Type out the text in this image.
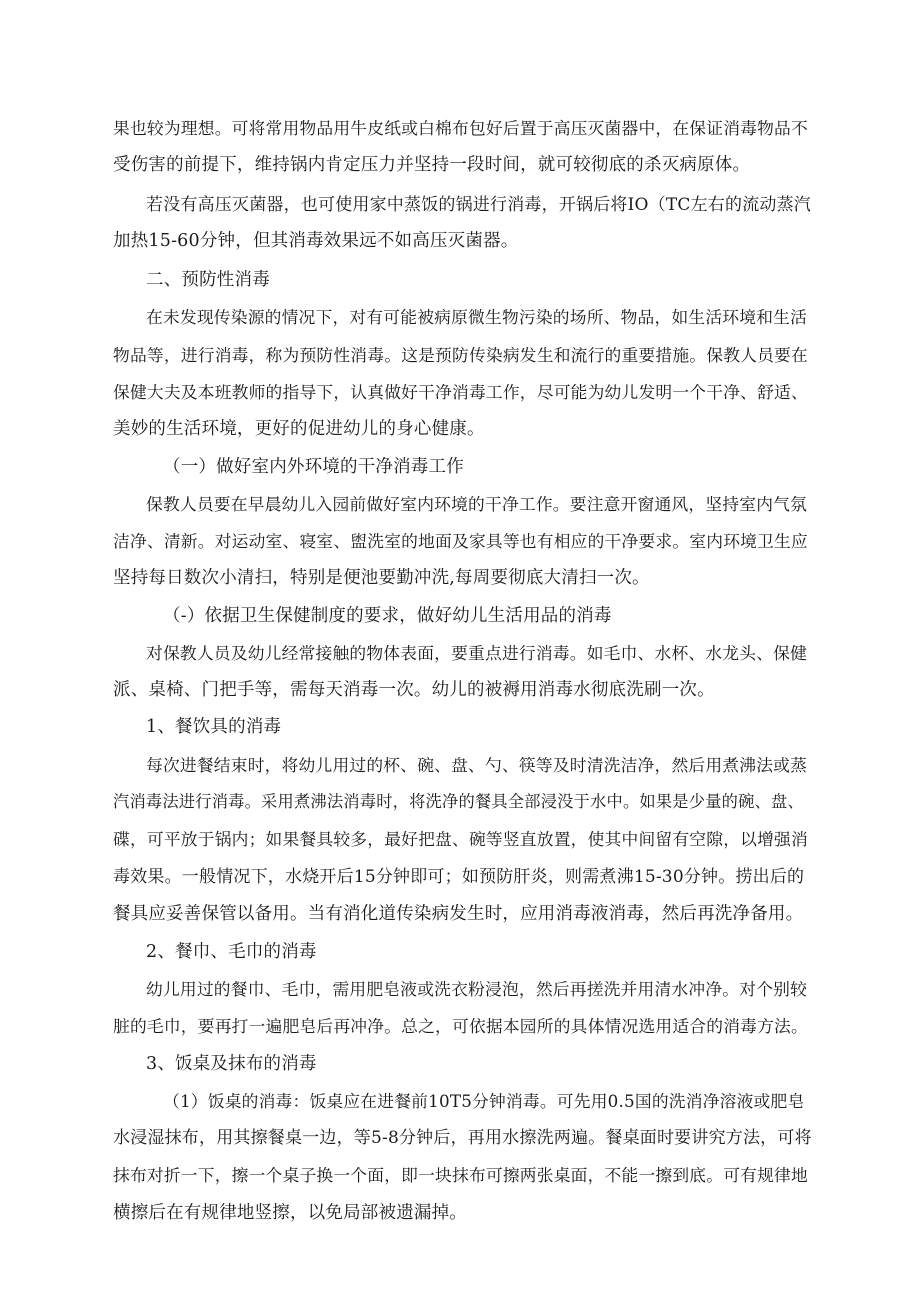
果也较为理想。可将常用物品用牛皮纸或白棉布包好后置于高压灭菌器中，在保证消毒物品不
受伤害的前提下，维持锅内肯定压力并坚持一段时间，就可较彻底的杀灭病原体。
若没有高压灭菌器，也可使用家中蒸饭的锅进行消毒，开锅后将IO（TC左右的流动蒸汽
加热15-60分钟，但其消毒效果远不如高压灭菌器。
二、预防性消毒
在未发现传染源的情况下，对有可能被病原微生物污染的场所、物品，如生活环境和生活
物品等，进行消毒，称为预防性消毒。这是预防传染病发生和流行的重要措施。保教人员要在
保健大夫及本班教师的指导下，认真做好干净消毒工作，尽可能为幼儿发明一个干净、舒适、
美妙的生活环境，更好的促进幼儿的身心健康。
（一）做好室内外环境的干净消毒工作
保教人员要在早晨幼儿入园前做好室内环境的干净工作。要注意开窗通风，坚持室内气氛
洁净、清新。对运动室、寝室、盥洗室的地面及家具等也有相应的干净要求。室内环境卫生应
坚持每日数次小清扫，特别是便池要勤冲洗,每周要彻底大清扫一次。
（-）依据卫生保健制度的要求，做好幼儿生活用品的消毒
对保教人员及幼儿经常接触的物体表面，要重点进行消毒。如毛巾、水杯、水龙头、保健
派、桌椅、门把手等，需每天消毒一次。幼儿的被褥用消毒水彻底洗刷一次。
1、餐饮具的消毒
每次进餐结束时，将幼儿用过的杯、碗、盘、勺、筷等及时清洗洁净，然后用煮沸法或蒸
汽消毒法进行消毒。采用煮沸法消毒时，将洗净的餐具全部浸没于水中。如果是少量的碗、盘、
碟，可平放于锅内；如果餐具较多，最好把盘、碗等竖直放置，使其中间留有空隙，以增强消
毒效果。一般情况下，水烧开后15分钟即可；如预防肝炎，则需煮沸15-30分钟。捞出后的
餐具应妥善保管以备用。当有消化道传染病发生时，应用消毒液消毒，然后再洗净备用。
2、餐巾、毛巾的消毒
幼儿用过的餐巾、毛巾，需用肥皂液或洗衣粉浸泡，然后再搓洗并用清水冲净。对个别较
脏的毛巾，要再打一遍肥皂后再冲净。总之，可依据本园所的具体情况选用适合的消毒方法。
3、饭桌及抹布的消毒
（1）饭桌的消毒：饭桌应在进餐前10T5分钟消毒。可先用0.5国的洗消净溶液或肥皂
水浸湿抹布，用其擦餐桌一边，等5-8分钟后，再用水擦洗两遍。餐桌面时要讲究方法，可将
抹布对折一下，擦一个桌子换一个面，即一块抹布可擦两张桌面，不能一擦到底。可有规律地
横擦后在有规律地竖擦，以免局部被遗漏掉。
